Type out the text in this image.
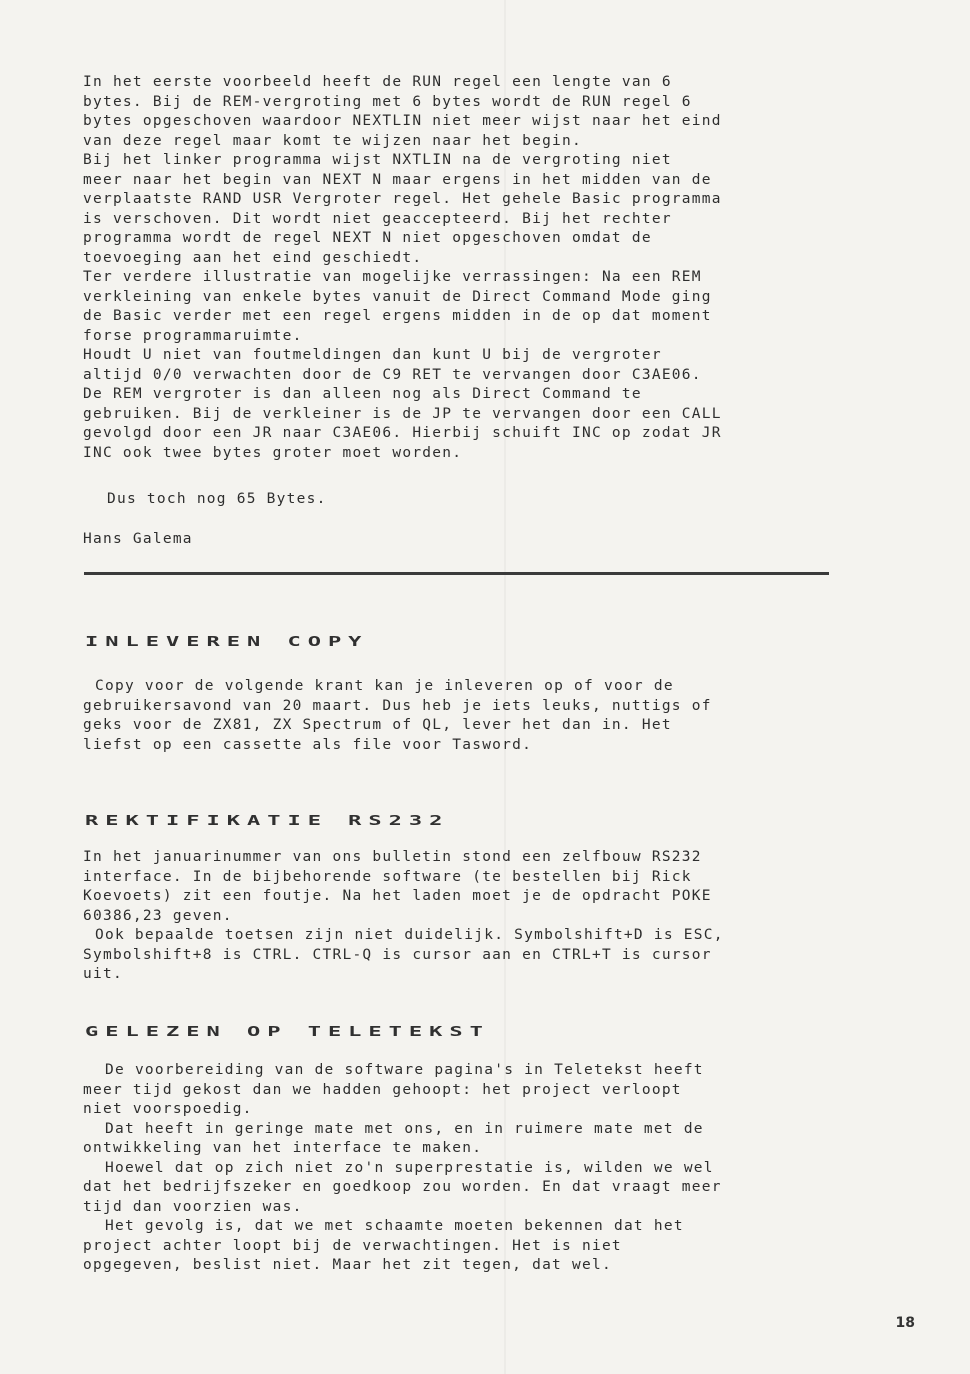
In het eerste voorbeeld heeft de RUN regel een lengte van 6
bytes. Bij de REM-vergroting met 6 bytes wordt de RUN regel 6
bytes opgeschoven waardoor NEXTLIN niet meer wijst naar het eind
van deze regel maar komt te wijzen naar het begin.
Bij het linker programma wijst NXTLIN na de vergroting niet
meer naar het begin van NEXT N maar ergens in het midden van de
verplaatste RAND USR Vergroter regel. Het gehele Basic programma
is verschoven. Dit wordt niet geaccepteerd. Bij het rechter
programma wordt de regel NEXT N niet opgeschoven omdat de
toevoeging aan het eind geschiedt.
Ter verdere illustratie van mogelijke verrassingen: Na een REM
verkleining van enkele bytes vanuit de Direct Command Mode ging
de Basic verder met een regel ergens midden in de op dat moment
forse programmaruimte.
Houdt U niet van foutmeldingen dan kunt U bij de vergroter
altijd 0/0 verwachten door de C9 RET te vervangen door C3AE06.
De REM vergroter is dan alleen nog als Direct Command te
gebruiken. Bij de verkleiner is de JP te vervangen door een CALL
gevolgd door een JR naar C3AE06. Hierbij schuift INC op zodat JR
INC ook twee bytes groter moet worden.
Dus toch nog 65 Bytes.
Hans Galema
INLEVEREN COPY
Copy voor de volgende krant kan je inleveren op of voor de
gebruikersavond van 20 maart. Dus heb je iets leuks, nuttigs of
geks voor de ZX81, ZX Spectrum of QL, lever het dan in. Het
liefst op een cassette als file voor Tasword.
REKTIFIKATIE RS232
In het januarinummer van ons bulletin stond een zelfbouw RS232
interface. In de bijbehorende software (te bestellen bij Rick
Koevoets) zit een foutje. Na het laden moet je de opdracht POKE
60386,23 geven.
Ook bepaalde toetsen zijn niet duidelijk. Symbolshift+D is ESC,
Symbolshift+8 is CTRL. CTRL-Q is cursor aan en CTRL+T is cursor
uit.
GELEZEN OP TELETEKST
De voorbereiding van de software pagina's in Teletekst heeft
meer tijd gekost dan we hadden gehoopt: het project verloopt
niet voorspoedig.
Dat heeft in geringe mate met ons, en in ruimere mate met de
ontwikkeling van het interface te maken.
Hoewel dat op zich niet zo'n superprestatie is, wilden we wel
dat het bedrijfszeker en goedkoop zou worden. En dat vraagt meer
tijd dan voorzien was.
Het gevolg is, dat we met schaamte moeten bekennen dat het
project achter loopt bij de verwachtingen. Het is niet
opgegeven, beslist niet. Maar het zit tegen, dat wel.
18
